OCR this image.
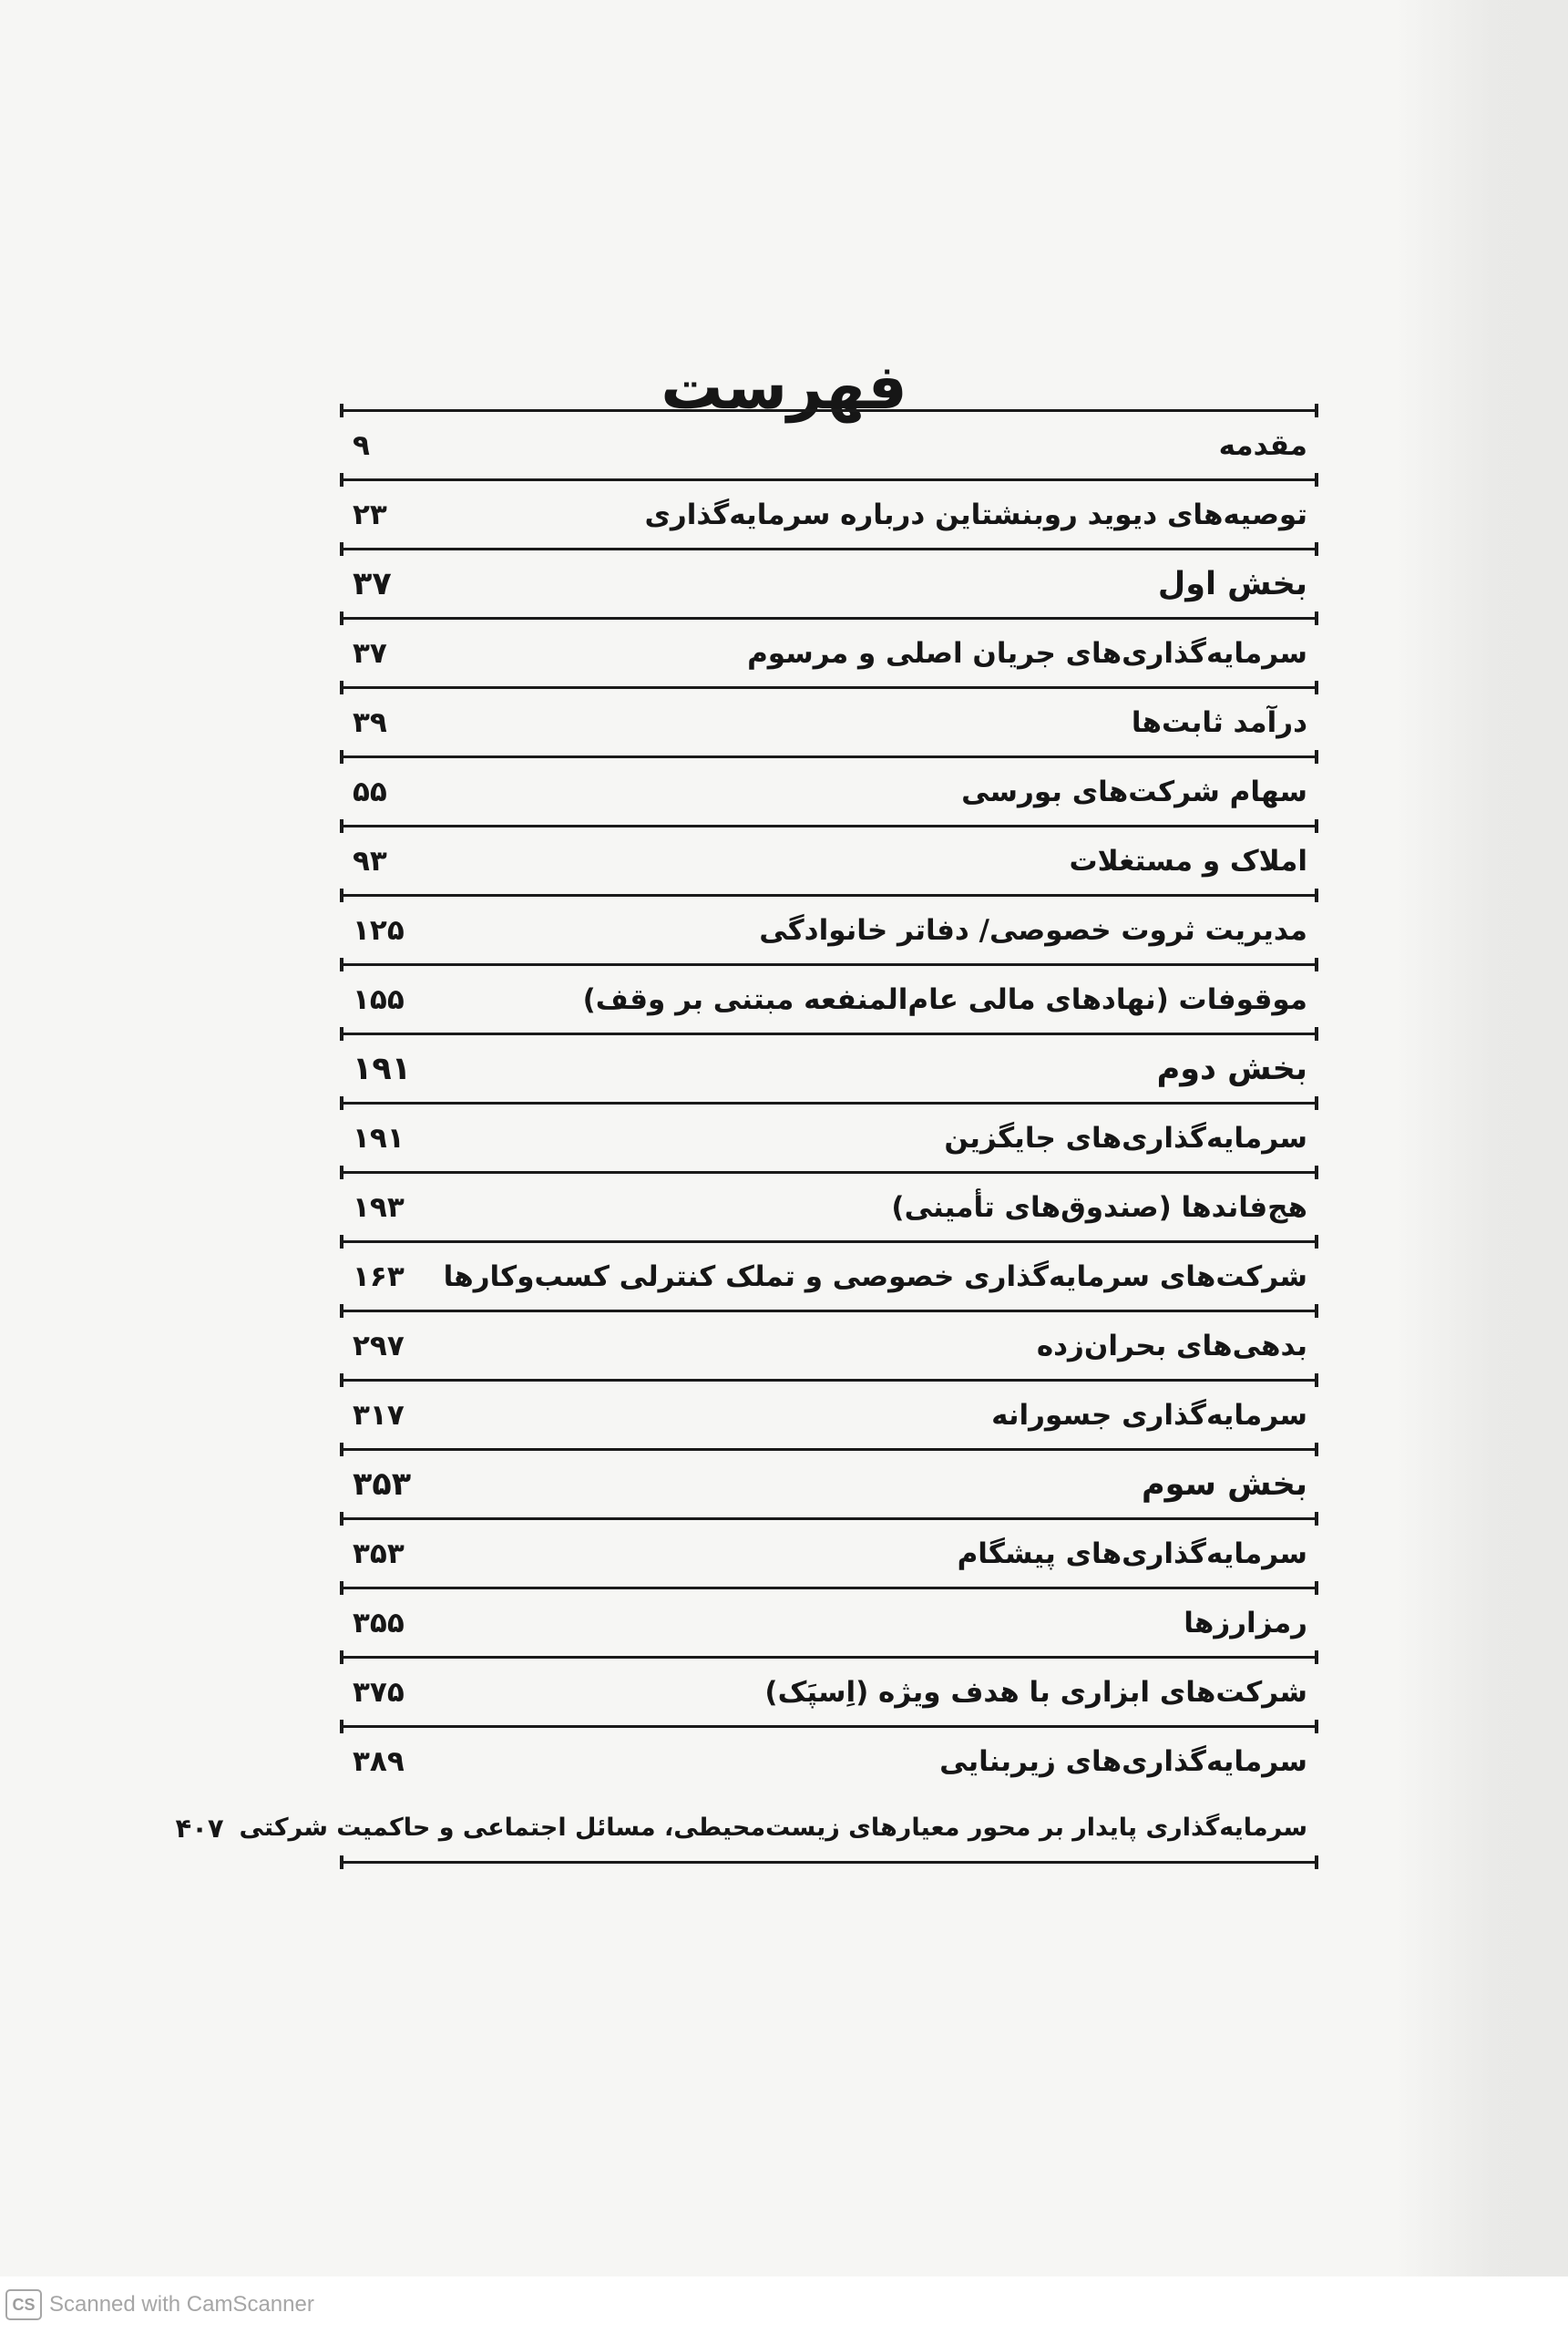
فهرست
مقدمه
۹
توصیه‌های دیوید روبنشتاین درباره سرمایه‌گذاری
۲۳
بخش اول
۳۷
سرمایه‌گذاری‌های جریان اصلی و مرسوم
۳۷
درآمد ثابت‌ها
۳۹
سهام شرکت‌های بورسی
۵۵
املاک و مستغلات
۹۳
مدیریت ثروت خصوصی/ دفاتر خانوادگی
۱۲۵
موقوفات (نهادهای مالی عام‌المنفعه مبتنی بر وقف)
۱۵۵
بخش دوم
۱۹۱
سرمایه‌گذاری‌های جایگزین
۱۹۱
هج‌فاندها (صندوق‌های تأمینی)
۱۹۳
شرکت‌های سرمایه‌گذاری خصوصی و تملک کنترلی کسب‌وکارها
۱۶۳
بدهی‌های بحران‌زده
۲۹۷
سرمایه‌گذاری جسورانه
۳۱۷
بخش سوم
۳۵۳
سرمایه‌گذاری‌های پیشگام
۳۵۳
رمزارزها
۳۵۵
شرکت‌های ابزاری با هدف ویژه (اِسپَک)
۳۷۵
سرمایه‌گذاری‌های زیربنایی
۳۸۹
سرمایه‌گذاری پایدار بر محور معیارهای زیست‌محیطی، مسائل اجتماعی و حاکمیت شرکتی
۴۰۷
CS Scanned with CamScanner
